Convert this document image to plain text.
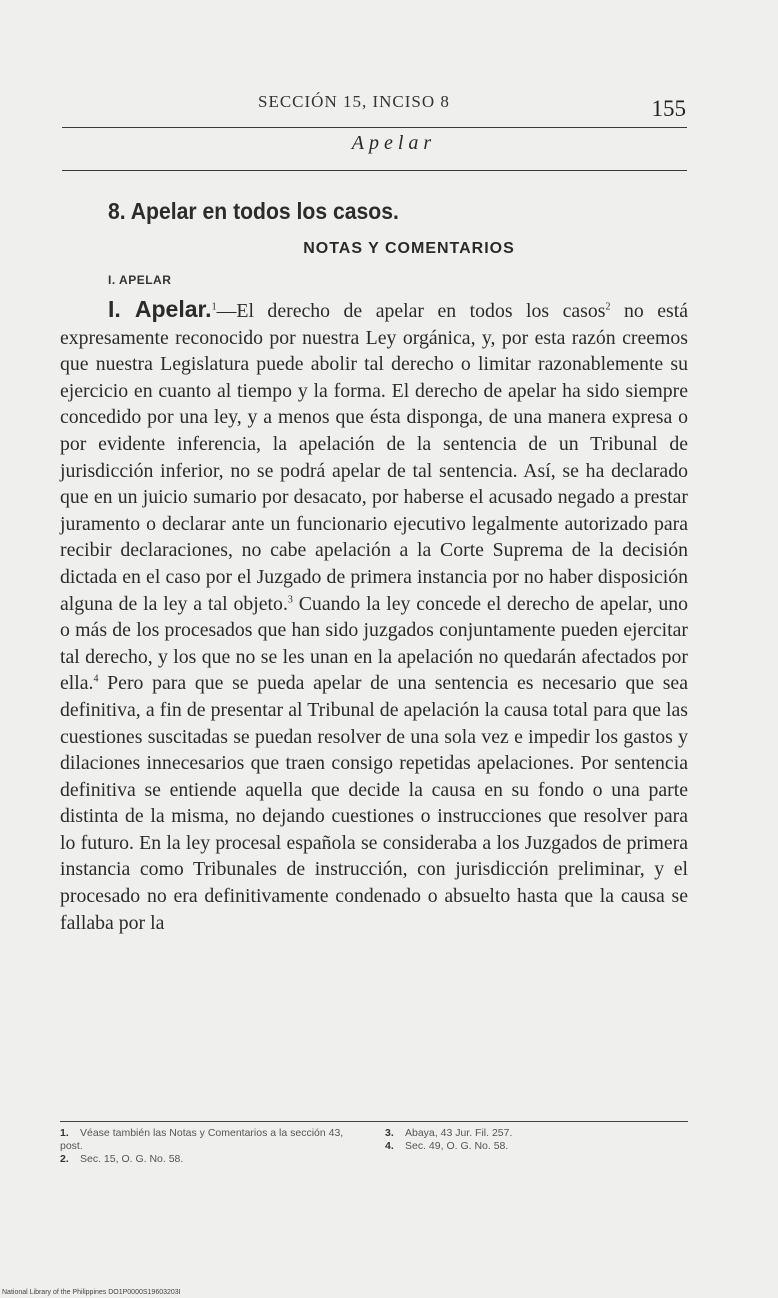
SECCIÓN 15, INCISO 8	155
Apelar
8. Apelar en todos los casos.
NOTAS Y COMENTARIOS
I. APELAR

I. Apelar.$^1$—El derecho de apelar en todos los casos$^2$ no está expresamente reconocido por nuestra Ley orgánica, y, por esta razón creemos que nuestra Legislatura puede abolir tal derecho o limitar razonablemente su ejercicio en cuanto al tiempo y la forma. El derecho de apelar ha sido siempre concedido por una ley, y a menos que ésta disponga, de una manera expresa o por evidente inferencia, la apelación de la sentencia de un Tribunal de jurisdicción inferior, no se podrá apelar de tal sentencia. Así, se ha declarado que en un juicio sumario por desacato, por haberse el acusado negado a prestar juramento o declarar ante un funcionario ejecutivo legalmente autorizado para recibir declaraciones, no cabe apelación a la Corte Suprema de la decisión dictada en el caso por el Juzgado de primera instancia por no haber disposición alguna de la ley a tal objeto.$^3$ Cuando la ley concede el derecho de apelar, uno o más de los procesados que han sido juzgados conjuntamente pueden ejercitar tal derecho, y los que no se les unan en la apelación no quedarán afectados por ella.$^4$ Pero para que se pueda apelar de una sentencia es necesario que sea definitiva, a fin de presentar al Tribunal de apelación la causa total para que las cuestiones suscitadas se puedan resolver de una sola vez e impedir los gastos y dilaciones innecesarios que traen consigo repetidas apelaciones. Por sentencia definitiva se entiende aquella que decide la causa en su fondo o una parte distinta de la misma, no dejando cuestiones o instrucciones que resolver para lo futuro. En la ley procesal española se consideraba a los Juzgados de primera instancia como Tribunales de instrucción, con jurisdicción preliminar, y el procesado no era definitivamente condenado o absuelto hasta que la causa se fallaba por la

1. Véase también las Notas y Comentarios a la sección 43, post.
2. Sec. 15, O. G. No. 58.
3. Abaya, 43 Jur. Fil. 257.
4. Sec. 49, O. G. No. 58.
National Library of the Philippines DO1P0000S19603203I
